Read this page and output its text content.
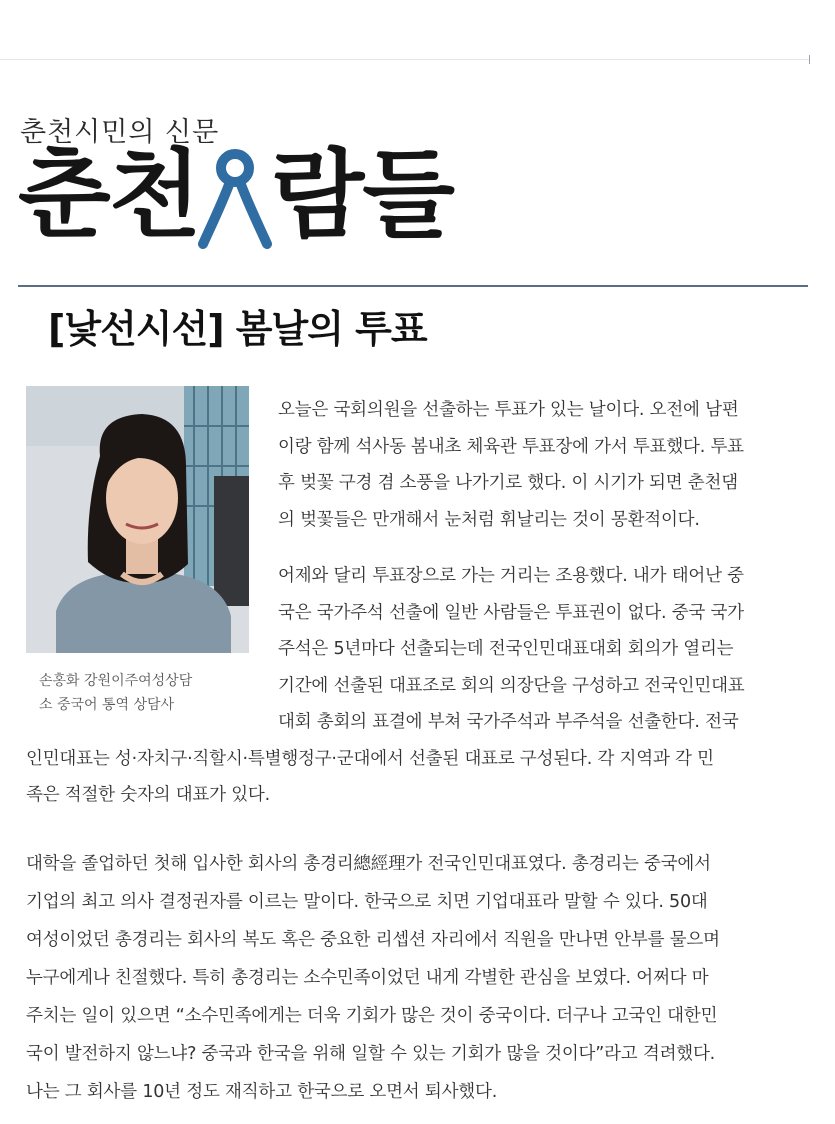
춘천시민의 신문
춘천 람들
[낯선시선] 봄날의 투표
손홍화 강원이주여성상담
소 중국어 통역 상담사
오늘은 국회의원을 선출하는 투표가 있는 날이다. 오전에 남편
이랑 함께 석사동 봄내초 체육관 투표장에 가서 투표했다. 투표
후 벚꽃 구경 겸 소풍을 나가기로 했다. 이 시기가 되면 춘천댐
의 벚꽃들은 만개해서 눈처럼 휘날리는 것이 몽환적이다.
어제와 달리 투표장으로 가는 거리는 조용했다. 내가 태어난 중
국은 국가주석 선출에 일반 사람들은 투표권이 없다. 중국 국가
주석은 5년마다 선출되는데 전국인민대표대회 회의가 열리는
기간에 선출된 대표조로 회의 의장단을 구성하고 전국인민대표
대회 총회의 표결에 부쳐 국가주석과 부주석을 선출한다. 전국
인민대표는 성·자치구·직할시·특별행정구·군대에서 선출된 대표로 구성된다. 각 지역과 각 민
족은 적절한 숫자의 대표가 있다.
대학을 졸업하던 첫해 입사한 회사의 총경리總經理가 전국인민대표였다. 총경리는 중국에서
기업의 최고 의사 결정권자를 이르는 말이다. 한국으로 치면 기업대표라 말할 수 있다. 50대
여성이었던 총경리는 회사의 복도 혹은 중요한 리셉션 자리에서 직원을 만나면 안부를 물으며
누구에게나 친절했다. 특히 총경리는 소수민족이었던 내게 각별한 관심을 보였다. 어쩌다 마
주치는 일이 있으면 “소수민족에게는 더욱 기회가 많은 것이 중국이다. 더구나 고국인 대한민
국이 발전하지 않느냐? 중국과 한국을 위해 일할 수 있는 기회가 많을 것이다”라고 격려했다.
나는 그 회사를 10년 정도 재직하고 한국으로 오면서 퇴사했다.
